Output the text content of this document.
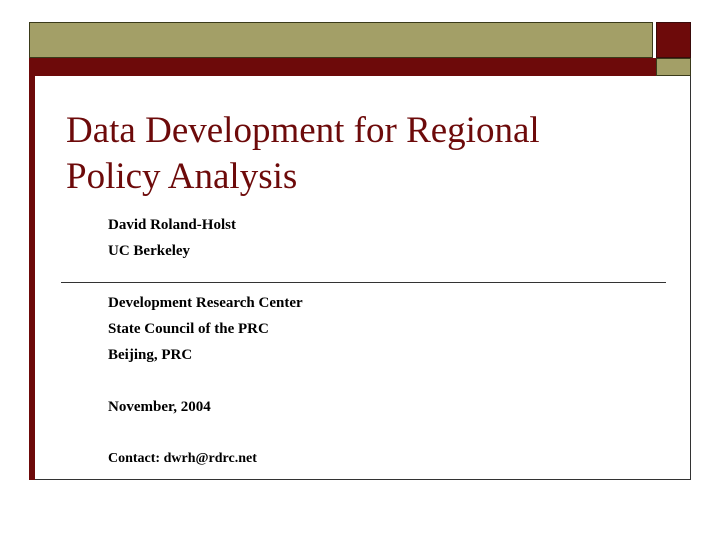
Data Development for Regional
Policy Analysis

David Roland-Holst

UC Berkeley

Development Research Center

State Council of the PRC

Beijing, PRC

November, 2004

Contact: dwrh@rdrc.net
